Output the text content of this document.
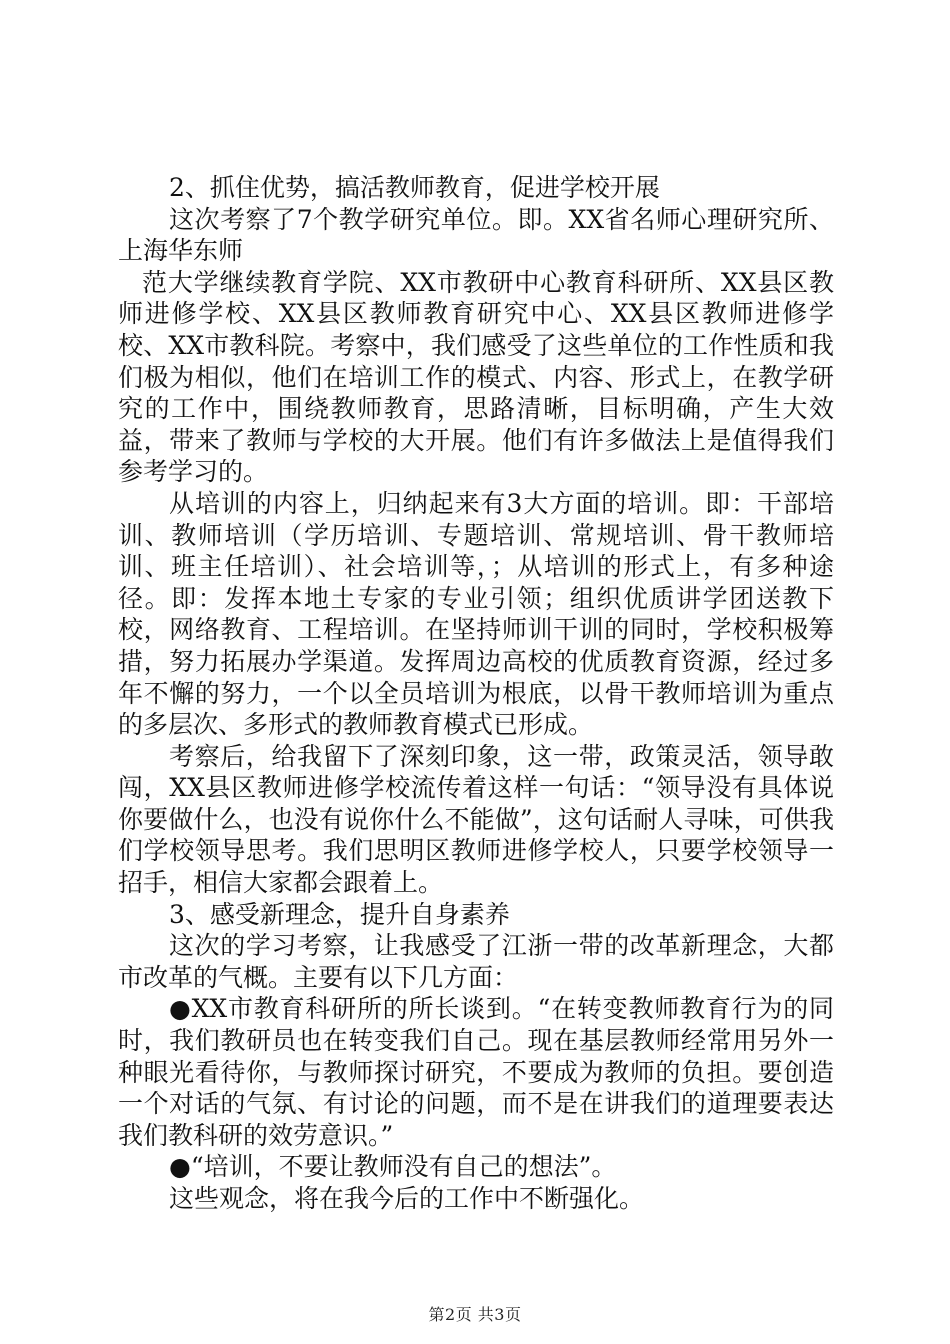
2、抓住优势，搞活教师教育，促进学校开展

这次考察了7个教学研究单位。即。XX省名师心理研究所、上海华东师

范大学继续教育学院、XX市教研中心教育科研所、XX县区教师进修学校、XX县区教师教育研究中心、XX县区教师进修学校、XX市教科院。考察中，我们感受了这些单位的工作性质和我们极为相似，他们在培训工作的模式、内容、形式上，在教学研究的工作中，围绕教师教育，思路清晰，目标明确，产生大效益，带来了教师与学校的大开展。他们有许多做法上是值得我们参考学习的。

从培训的内容上，归纳起来有3大方面的培训。即：干部培训、教师培训（学历培训、专题培训、常规培训、骨干教师培训、班主任培训）、社会培训等，；从培训的形式上，有多种途径。即：发挥本地土专家的专业引领；组织优质讲学团送教下校，网络教育、工程培训。在坚持师训干训的同时，学校积极筹措，努力拓展办学渠道。发挥周边高校的优质教育资源，经过多年不懈的努力，一个以全员培训为根底，以骨干教师培训为重点的多层次、多形式的教师教育模式已形成。

考察后，给我留下了深刻印象，这一带，政策灵活，领导敢闯，XX县区教师进修学校流传着这样一句话：“领导没有具体说你要做什么，也没有说你什么不能做”，这句话耐人寻味，可供我们学校领导思考。我们思明区教师进修学校人，只要学校领导一招手，相信大家都会跟着上。

3、感受新理念，提升自身素养

这次的学习考察，让我感受了江浙一带的改革新理念，大都市改革的气概。主要有以下几方面：

●XX市教育科研所的所长谈到。“在转变教师教育行为的同时，我们教研员也在转变我们自己。现在基层教师经常用另外一种眼光看待你，与教师探讨研究，不要成为教师的负担。要创造一个对话的气氛、有讨论的问题，而不是在讲我们的道理要表达我们教科研的效劳意识。”

●“培训，不要让教师没有自己的想法”。

这些观念，将在我今后的工作中不断强化。

第2页 共3页
